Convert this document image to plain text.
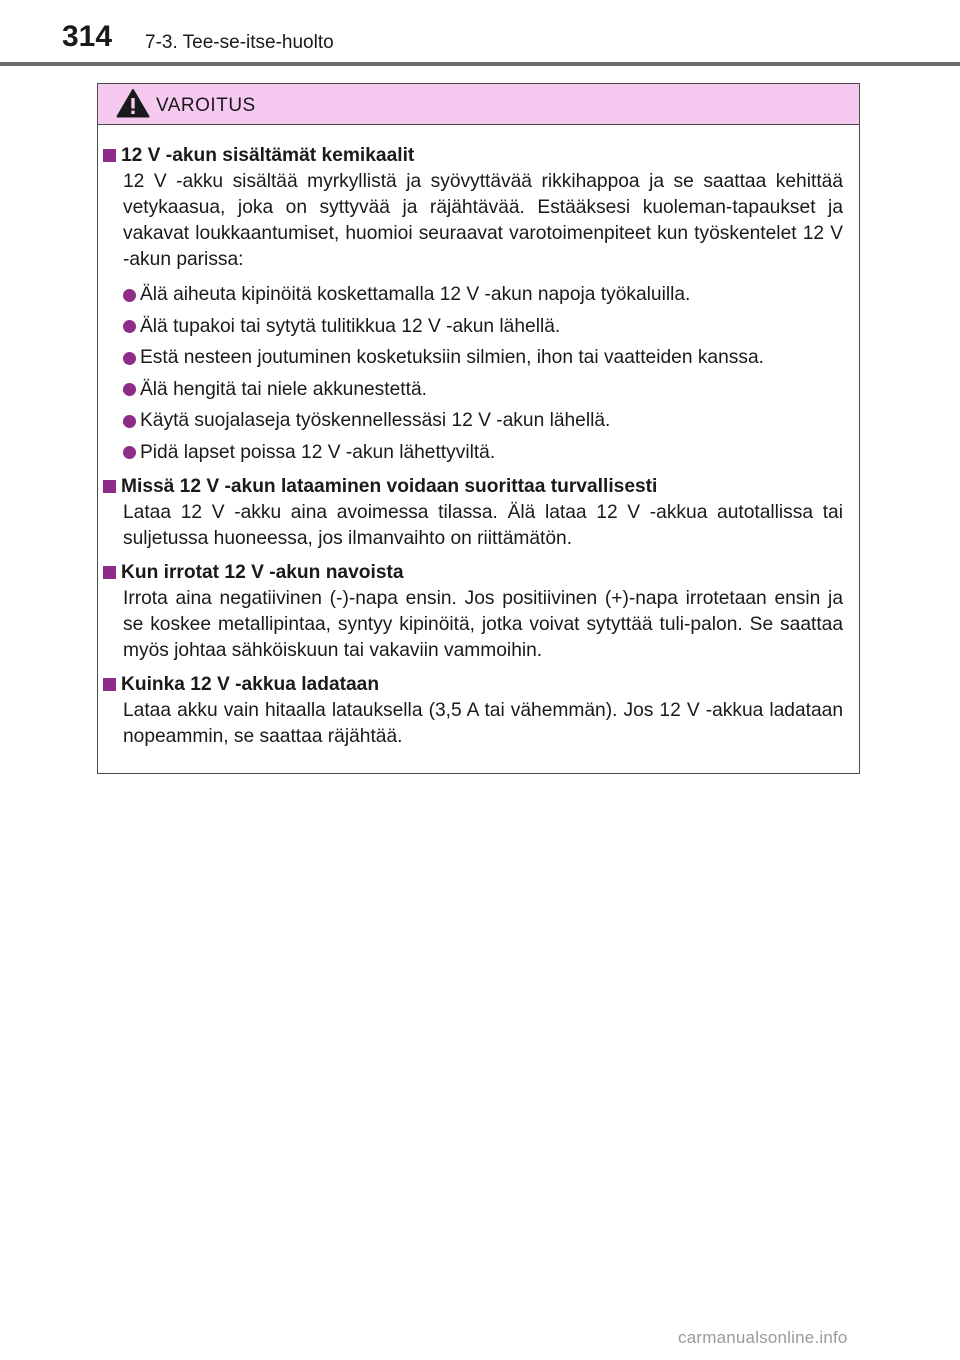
314 7-3. Tee-se-itse-huolto
VAROITUS
12 V -akun sisältämät kemikaalit
12 V -akku sisältää myrkyllistä ja syövyttävää rikkihappoa ja se saattaa kehittää vetykaasua, joka on syttyvää ja räjähtävää. Estääksesi kuoleman-tapaukset ja vakavat loukkaantumiset, huomioi seuraavat varotoimenpiteet kun työskentelet 12 V -akun parissa:
Älä aiheuta kipinöitä koskettamalla 12 V -akun napoja työkaluilla.
Älä tupakoi tai sytytä tulitikkua 12 V -akun lähellä.
Estä nesteen joutuminen kosketuksiin silmien, ihon tai vaatteiden kanssa.
Älä hengitä tai niele akkunestettä.
Käytä suojalaseja työskennellessäsi 12 V -akun lähellä.
Pidä lapset poissa 12 V -akun lähettyviltä.
Missä 12 V -akun lataaminen voidaan suorittaa turvallisesti
Lataa 12 V -akku aina avoimessa tilassa. Älä lataa 12 V -akkua autotallissa tai suljetussa huoneessa, jos ilmanvaihto on riittämätön.
Kun irrotat 12 V -akun navoista
Irrota aina negatiivinen (-)-napa ensin. Jos positiivinen (+)-napa irrotetaan ensin ja se koskee metallipintaa, syntyy kipinöitä, jotka voivat sytyttää tuli-palon. Se saattaa myös johtaa sähköiskuun tai vakaviin vammoihin.
Kuinka 12 V -akkua ladataan
Lataa akku vain hitaalla latauksella (3,5 A tai vähemmän). Jos 12 V -akkua ladataan nopeammin, se saattaa räjähtää.
carmanualsonline.info
